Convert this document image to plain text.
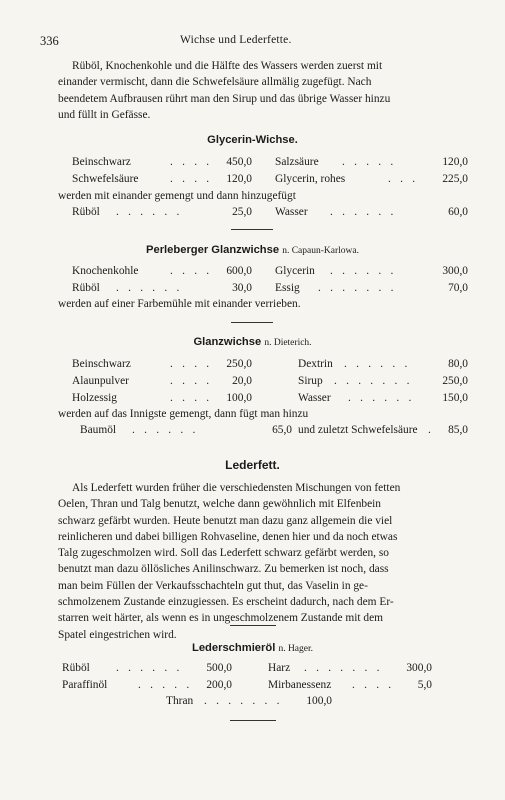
336	Wichse und Lederfette.
Rüböl, Knochenkohle und die Hälfte des Wassers werden zuerst mit
einander vermischt, dann die Schwefelsäure allmälig zugefügt. Nach
beendetem Aufbrausen rührt man den Sirup und das übrige Wasser hinzu
und füllt in Gefässe.
Glycerin-Wichse.
Beinschwarz	. . . .	450,0 Salzsäure . . . . .	120,0
Schwefelsäure	. . . .	120,0 Glycerin, rohes	. . .	225,0
werden mit einander gemengt und dann hinzugefügt
Rüböl . . . . . .	25,0 Wasser . . . . . .	60,0
Perleberger Glanzwichse n. Capaun-Karlowa.
Knochenkohle	. . . .	600,0 Glycerin . . . . . .	300,0
Rüböl . . . . . .	30,0 Essig . . . . . . .	70,0
werden auf einer Farbemühle mit einander verrieben.
Glanzwichse n. Dieterich.
Beinschwarz	. . . .	250,0	Dextrin . . . . . .	80,0
Alaunpulver	. . . .	20,0	Sirup . . . . . . .	250,0
Holzessig	. . . .	100,0	Wasser . . . . . .	150,0
werden auf das Innigste gemengt, dann fügt man hinzu
Baumöl . . . . . .	65,0 und zuletzt Schwefelsäure .	85,0
Lederfett.
Als Lederfett wurden früher die verschiedensten Mischungen von fetten
Oelen, Thran und Talg benutzt, welche dann gewöhnlich mit Elfenbein
schwarz gefärbt wurden. Heute benutzt man dazu ganz allgemein die viel
reinlicheren und dabei billigen Rohvaseline, denen hier und da noch etwas
Talg zugeschmolzen wird. Soll das Lederfett schwarz gefärbt werden, so
benutzt man dazu öllösliches Anilinschwarz. Zu bemerken ist noch, dass
man beim Füllen der Verkaufsschachteln gut thut, das Vaselin in ge-
schmolzenem Zustande einzugiessen. Es erscheint dadurch, nach dem Er-
starren weit härter, als wenn es in ungeschmolzenem Zustande mit dem
Spatel eingestrichen wird.
Lederschmieröl n. Hager.
Rüböl . . . . . .	500,0	Harz . . . . . . .	300,0
Paraffinöl	. . . . .	200,0	Mirbanessenz . . . .	5,0
Thran . . . . . . .	100,0
